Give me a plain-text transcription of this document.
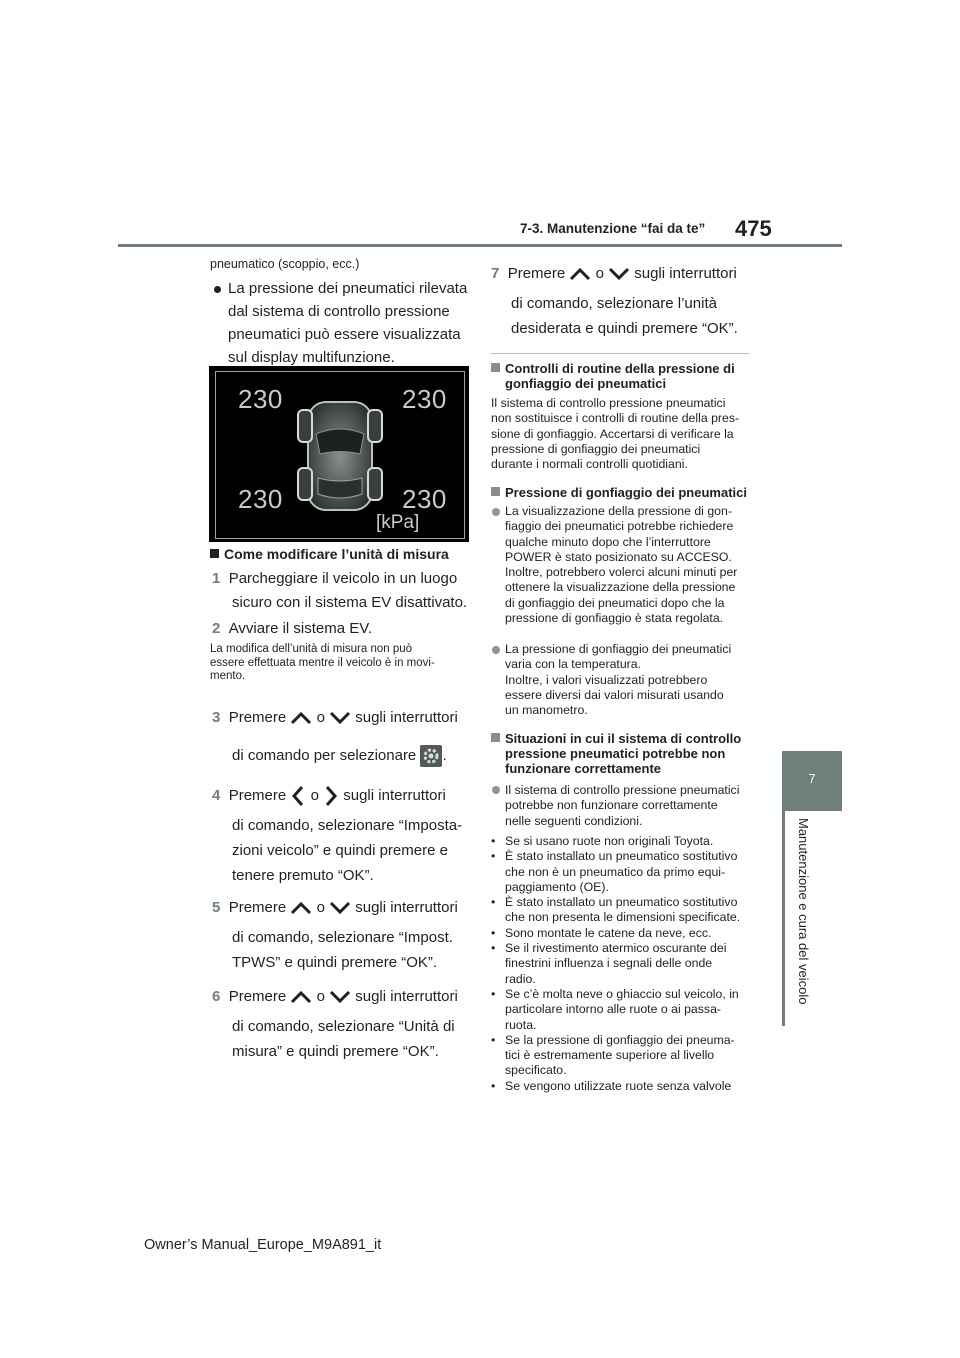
7-3. Manutenzione “fai da te” 475
7
Manutenzione e cura del veicolo
pneumatico (scoppio, ecc.)
La pressione dei pneumatici rilevata
dal sistema di controllo pressione
pneumatici può essere visualizzata
sul display multifunzione.
230	230
230	230
[kPa]
Come modificare l’unità di misura
1 Parcheggiare il veicolo in un luogo
sicuro con il sistema EV disattivato.
2 Avviare il sistema EV.
La modifica dell’unità di misura non può
essere effettuata mentre il veicolo è in movi-
mento.
3 Premere o sugli interruttori
di comando per selezionare .
4 Premere o sugli interruttori
di comando, selezionare “Imposta-
zioni veicolo” e quindi premere e
tenere premuto “OK”.
5 Premere o sugli interruttori
di comando, selezionare “Impost.
TPWS” e quindi premere “OK”.
6 Premere o sugli interruttori
di comando, selezionare “Unità di
misura” e quindi premere “OK”.
7 Premere o sugli interruttori
di comando, selezionare l’unità
desiderata e quindi premere “OK”.
Controlli di routine della pressione di
gonfiaggio dei pneumatici
Il sistema di controllo pressione pneumatici
non sostituisce i controlli di routine della pres-
sione di gonfiaggio. Accertarsi di verificare la
pressione di gonfiaggio dei pneumatici
durante i normali controlli quotidiani.
Pressione di gonfiaggio dei pneumatici
La visualizzazione della pressione di gon-
fiaggio dei pneumatici potrebbe richiedere
qualche minuto dopo che l’interruttore
POWER è stato posizionato su ACCESO.
Inoltre, potrebbero volerci alcuni minuti per
ottenere la visualizzazione della pressione
di gonfiaggio dei pneumatici dopo che la
pressione di gonfiaggio è stata regolata.
La pressione di gonfiaggio dei pneumatici
varia con la temperatura.
Inoltre, i valori visualizzati potrebbero
essere diversi dai valori misurati usando
un manometro.
Situazioni in cui il sistema di controllo
pressione pneumatici potrebbe non
funzionare correttamente
Il sistema di controllo pressione pneumatici
potrebbe non funzionare correttamente
nelle seguenti condizioni.
• Se si usano ruote non originali Toyota.
• È stato installato un pneumatico sostitutivo
che non è un pneumatico da primo equi-
paggiamento (OE).
• È stato installato un pneumatico sostitutivo
che non presenta le dimensioni specificate.
• Sono montate le catene da neve, ecc.
• Se il rivestimento atermico oscurante dei
finestrini influenza i segnali delle onde
radio.
• Se c’è molta neve o ghiaccio sul veicolo, in
particolare intorno alle ruote o ai passa-
ruota.
• Se la pressione di gonfiaggio dei pneuma-
tici è estremamente superiore al livello
specificato.
• Se vengono utilizzate ruote senza valvole
Owner’s Manual_Europe_M9A891_it
